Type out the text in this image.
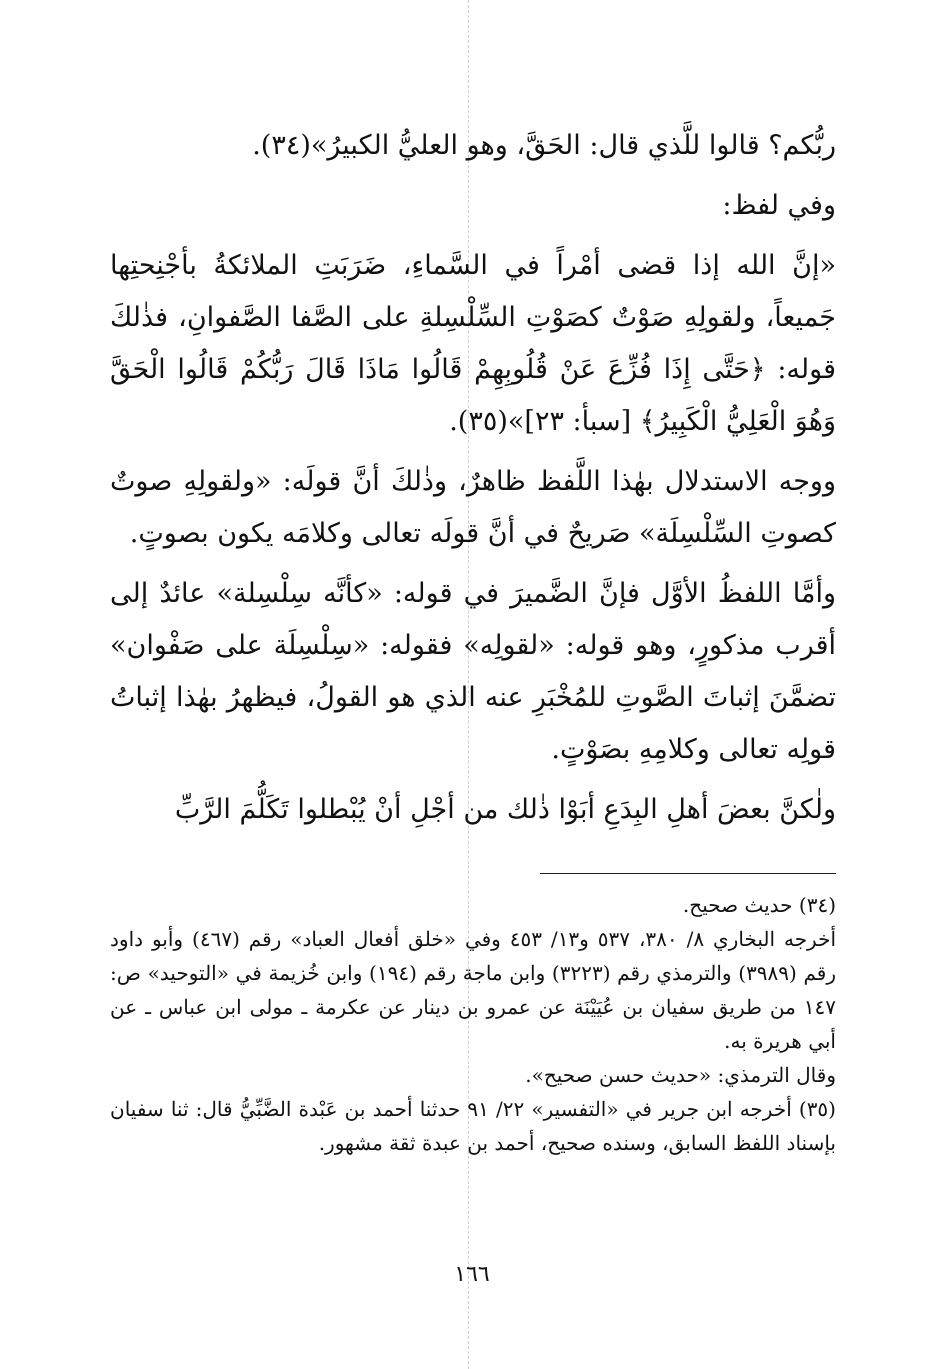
ربُّكم؟ قالوا للَّذي قال: الحَقَّ، وهو العليُّ الكبيرُ»(٣٤).

وفي لفظ:

«إنَّ الله إذا قضى أمْراً في السَّماءِ، ضَرَبَتِ الملائكةُ بأجْنِحتِها جَميعاً، ولقولِهِ صَوْتٌ كصَوْتِ السِّلْسِلةِ على الصَّفا الصَّفوانِ، فذٰلكَ قوله: ﴿حَتَّى إِذَا فُزِّعَ عَنْ قُلُوبِهِمْ قَالُوا مَاذَا قَالَ رَبُّكُمْ قَالُوا الْحَقَّ وَهُوَ الْعَلِيُّ الْكَبِيرُ﴾ [سبأ: ٢٣]»(٣٥).

ووجه الاستدلال بهٰذا اللَّفظ ظاهرٌ، وذٰلكَ أنَّ قولَه: «ولقولِهِ صوتٌ كصوتِ السِّلْسِلَة» صَريحٌ في أنَّ قولَه تعالى وكلامَه يكون بصوتٍ.

وأمَّا اللفظُ الأوَّل فإنَّ الضَّميرَ في قوله: «كأنَّه سِلْسِلة» عائدٌ إلى أقرب مذكورٍ، وهو قوله: «لقولِه» فقوله: «سِلْسِلَة على صَفْوان» تضمَّنَ إثباتَ الصَّوتِ للمُخْبَرِ عنه الذي هو القولُ، فيظهرُ بهٰذا إثباتُ قولِه تعالى وكلامِهِ بصَوْتٍ.

ولٰكنَّ بعضَ أهلِ البِدَعِ أبَوْا ذٰلك من أجْلِ أنْ يُبْطلوا تَكَلُّمَ الرَّبِّ

(٣٤) حديث صحيح.

أخرجه البخاري ٨/ ٣٨٠، ٥٣٧ و١٣/ ٤٥٣ وفي «خلق أفعال العباد» رقم (٤٦٧) وأبو داود رقم (٣٩٨٩) والترمذي رقم (٣٢٢٣) وابن ماجة رقم (١٩٤) وابن خُزيمة في «التوحيد» ص: ١٤٧ من طريق سفيان بن عُيَيْنَة عن عمرو بن دينار عن عكرمة ـ مولى ابن عباس ـ عن أبي هريرة به.

وقال الترمذي: «حديث حسن صحيح».

(٣٥) أخرجه ابن جرير في «التفسير» ٢٢/ ٩١ حدثنا أحمد بن عَبْدة الضَّبِّيُّ قال: ثنا سفيان بإسناد اللفظ السابق، وسنده صحيح، أحمد بن عبدة ثقة مشهور.

١٦٦
